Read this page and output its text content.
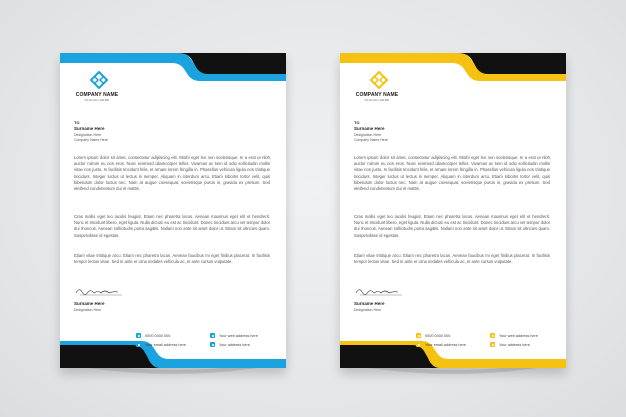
COMPANY NAME
SLOGAN HERE
TO
Surname Here
Designation Here
Company Name Here
Lorem ipsum dolor sit amet, consectetur adipiscing elit. Morbi eget leo non scelerisque. In a erat ut nibh auctor rutrum eu non eros. Nunc euismod ullamcorper tellus. Vivamus ac sem id odio sollicitudin mollis vitae non justo. In facilisis tincidunt felis, et ornare lorem fringilla in. Phasellus vehicula ligula non tristique tincidunt. Integer luctus ut lectus in semper. Aliquam in interdum arcu. Etiam lobortis tortor velit, quis bibendum dolor luctus nec. Nam at augue consequat, scelerisque purus in, gravida ex pretium. Sed eleifend condimentum dui et mattis.
Cras mollis eget leo iaculis feugiat. Etiam nec pharetra lacus. Aenean maximus eget elit et hendrerit. Nunc et tincidunt libero, eget ligula. Nulla dictum eu est ac tincidunt. Donec tincidunt arcu vel tempor dolor dui rhoncus. Aenean sollicitudin porta sagittis. Nullam non ante sit amet dolor ut. Etiam sit ultricies quam. Suspendisse id egestas.
Etiam vitae tristique arcu. Etiam nec pharetra lacus. Aenean faucibus mi eget finibus placerat. In facilisis tempor lectus vitae. Sed in ante et urna sodales vehicula ac, et ante cursus vulputate.
Surname Here
Designation Here
0000 0000 000
Your email address here
Your web address here
Your address here
COMPANY NAME
SLOGAN HERE
TO
Surname Here
Designation Here
Company Name Here
Lorem ipsum dolor sit amet, consectetur adipiscing elit. Morbi eget leo non scelerisque. In a erat ut nibh auctor rutrum eu non eros. Nunc euismod ullamcorper tellus. Vivamus ac sem id odio sollicitudin mollis vitae non justo. In facilisis tincidunt felis, et ornare lorem fringilla in. Phasellus vehicula ligula non tristique tincidunt. Integer luctus ut lectus in semper. Aliquam in interdum arcu. Etiam lobortis tortor velit, quis bibendum dolor luctus nec. Nam at augue consequat, scelerisque purus in, gravida ex pretium. Sed eleifend condimentum dui et mattis.
Cras mollis eget leo iaculis feugiat. Etiam nec pharetra lacus. Aenean maximus eget elit et hendrerit. Nunc et tincidunt libero, eget ligula. Nulla dictum eu est ac tincidunt. Donec tincidunt arcu vel tempor dolor dui rhoncus. Aenean sollicitudin porta sagittis. Nullam non ante sit amet dolor ut. Etiam sit ultricies quam. Suspendisse id egestas.
Etiam vitae tristique arcu. Etiam nec pharetra lacus. Aenean faucibus mi eget finibus placerat. In facilisis tempor lectus vitae. Sed in ante et urna sodales vehicula ac, et ante cursus vulputate.
Surname Here
Designation Here
0000 0000 000
Your email address here
Your web address here
Your address here
